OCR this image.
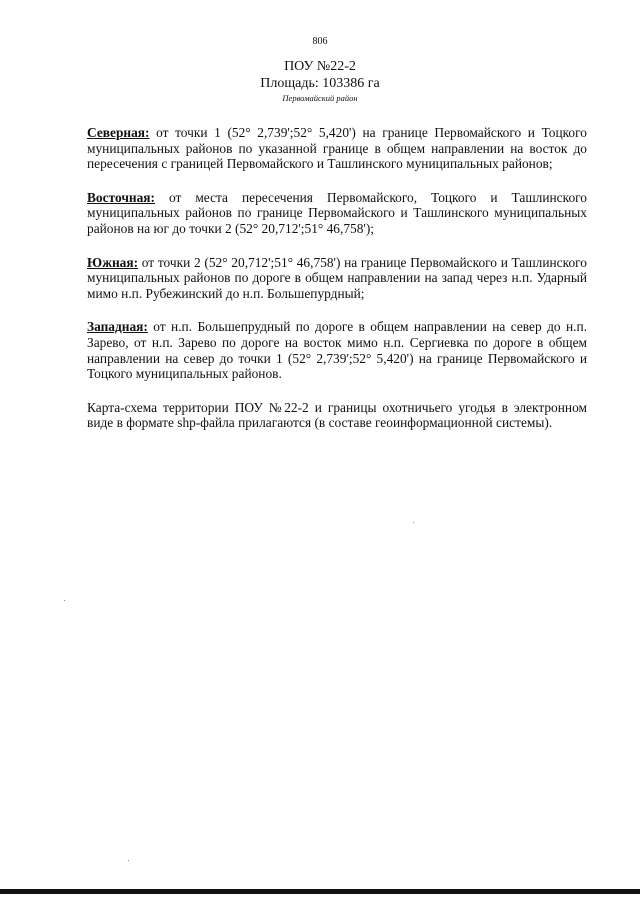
806
ПОУ №22-2
Площадь: 103386 га
Первомайский район

Северная: от точки 1 (52° 2,739';52° 5,420') на границе Первомайского и Тоцкого муниципальных районов по указанной границе в общем направлении на восток до пересечения с границей Первомайского и Ташлинского муниципальных районов;

Восточная: от места пересечения Первомайского, Тоцкого и Ташлинского муниципальных районов по границе Первомайского и Ташлинского муниципальных районов на юг до точки 2 (52° 20,712';51° 46,758');

Южная: от точки 2 (52° 20,712';51° 46,758') на границе Первомайского и Ташлинского муниципальных районов по дороге в общем направлении на запад через н.п. Ударный мимо н.п. Рубежинский до н.п. Большепурдный;

Западная: от н.п. Большепрудный по дороге в общем направлении на север до н.п. Зарево, от н.п. Зарево по дороге на восток мимо н.п. Сергиевка по дороге в общем направлении на север до точки 1 (52° 2,739';52° 5,420') на границе Первомайского и Тоцкого муниципальных районов.

Карта-схема территории ПОУ №22-2 и границы охотничьего угодья в электронном виде в формате shp-файла прилагаются (в составе геоинформационной системы).
